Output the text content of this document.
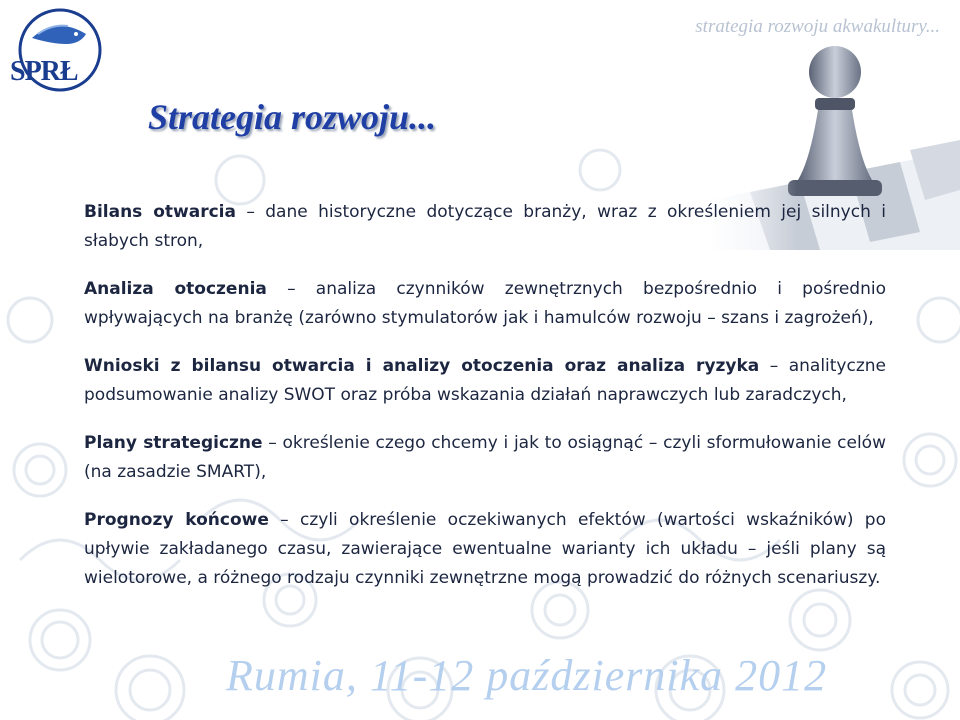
SPRŁ
strategia rozwoju akwakultury...
Strategia rozwoju...

Bilans otwarcia – dane historyczne dotyczące branży, wraz z określeniem jej silnych i słabych stron,

Analiza otoczenia – analiza czynników zewnętrznych bezpośrednio i pośrednio wpływających na branżę (zarówno stymulatorów jak i hamulców rozwoju – szans i zagrożeń),

Wnioski z bilansu otwarcia i analizy otoczenia oraz analiza ryzyka – analityczne podsumowanie analizy SWOT oraz próba wskazania działań naprawczych lub zaradczych,

Plany strategiczne – określenie czego chcemy i jak to osiągnąć – czyli sformułowanie celów (na zasadzie SMART),

Prognozy końcowe – czyli określenie oczekiwanych efektów (wartości wskaźników) po upływie zakładanego czasu, zawierające ewentualne warianty ich układu – jeśli plany są wielotorowe, a różnego rodzaju czynniki zewnętrzne mogą prowadzić do różnych scenariuszy.

Rumia, 11-12 października 2012
